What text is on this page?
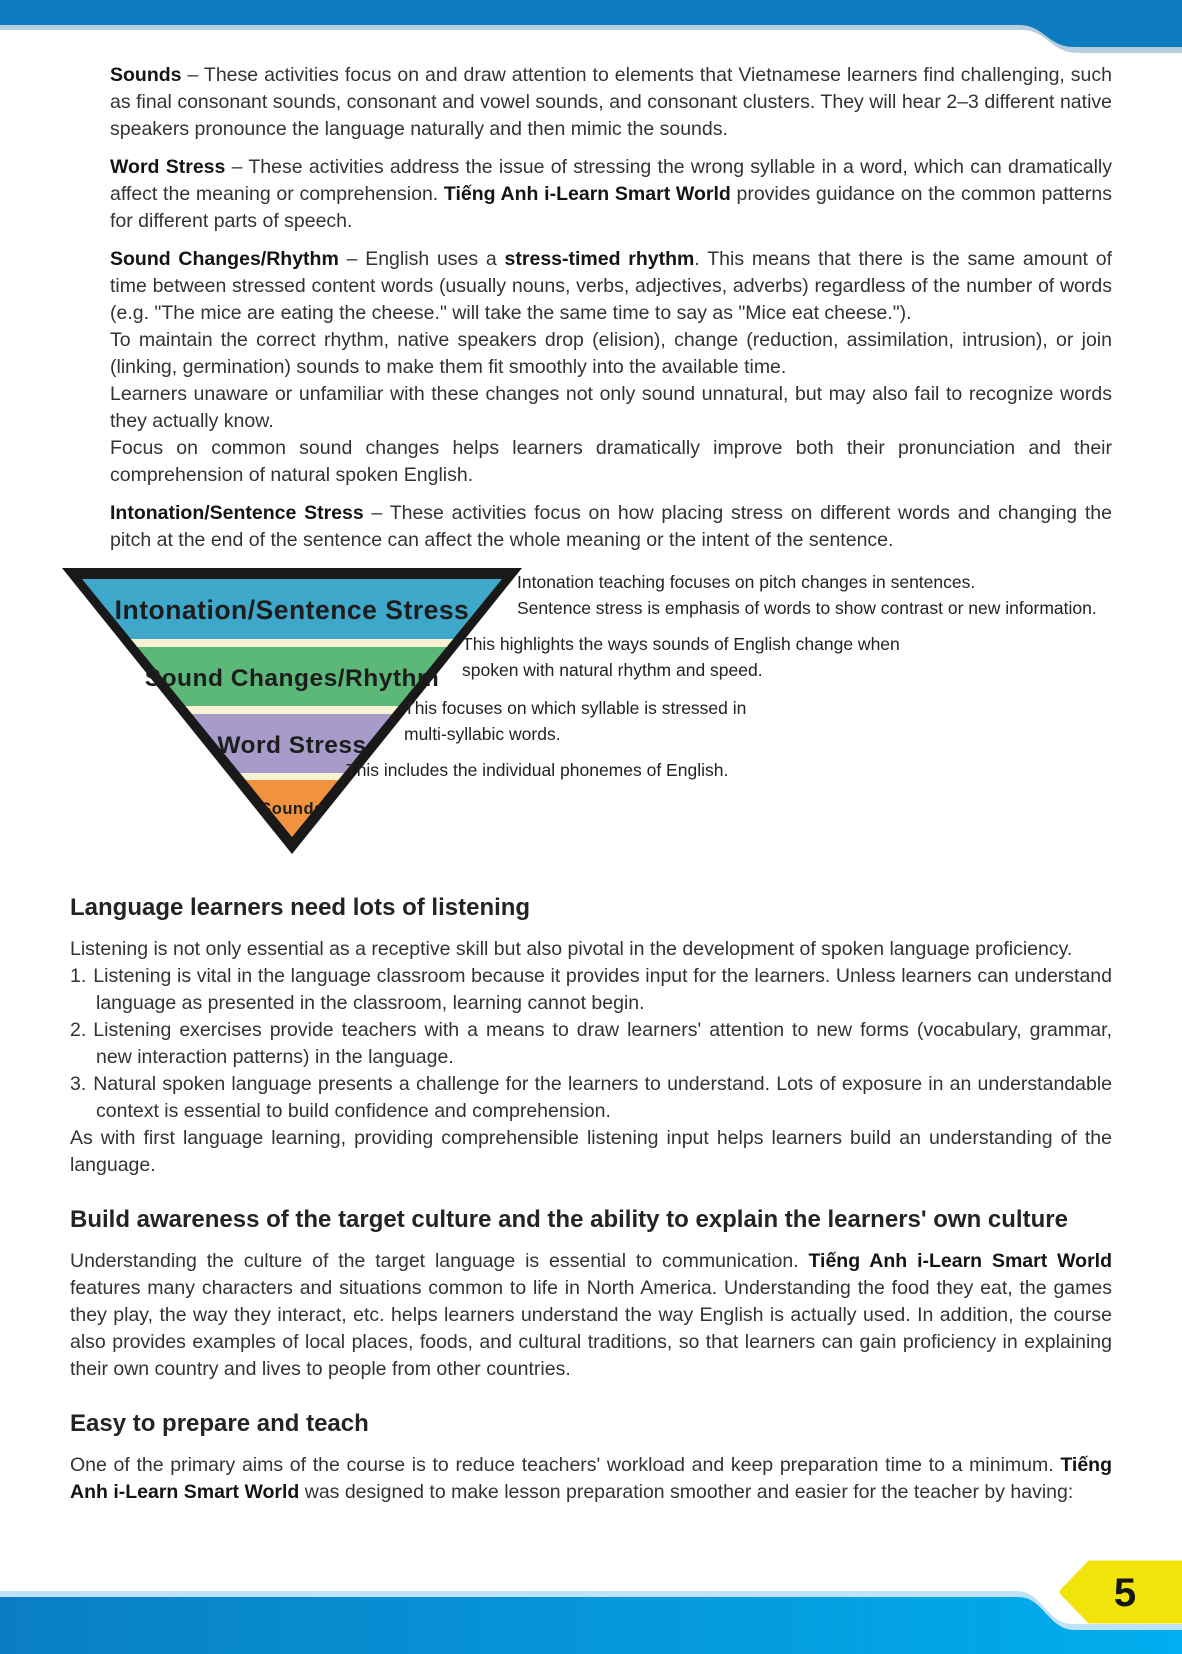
Sounds – These activities focus on and draw attention to elements that Vietnamese learners find challenging, such as final consonant sounds, consonant and vowel sounds, and consonant clusters. They will hear 2–3 different native speakers pronounce the language naturally and then mimic the sounds.

Word Stress – These activities address the issue of stressing the wrong syllable in a word, which can dramatically affect the meaning or comprehension. Tiếng Anh i-Learn Smart World provides guidance on the common patterns for different parts of speech.

Sound Changes/Rhythm – English uses a stress-timed rhythm. This means that there is the same amount of time between stressed content words (usually nouns, verbs, adjectives, adverbs) regardless of the number of words (e.g. "The mice are eating the cheese." will take the same time to say as "Mice eat cheese.").

To maintain the correct rhythm, native speakers drop (elision), change (reduction, assimilation, intrusion), or join (linking, germination) sounds to make them fit smoothly into the available time.

Learners unaware or unfamiliar with these changes not only sound unnatural, but may also fail to recognize words they actually know.

Focus on common sound changes helps learners dramatically improve both their pronunciation and their comprehension of natural spoken English.

Intonation/Sentence Stress – These activities focus on how placing stress on different words and changing the pitch at the end of the sentence can affect the whole meaning or the intent of the sentence.

Intonation/Sentence Stress
Sound Changes/Rhythm
Word Stress
Sounds
Intonation teaching focuses on pitch changes in sentences.
Sentence stress is emphasis of words to show contrast or new information.
This highlights the ways sounds of English change when
spoken with natural rhythm and speed.
This focuses on which syllable is stressed in
multi-syllabic words.
This includes the individual phonemes of English.
Language learners need lots of listening

Listening is not only essential as a receptive skill but also pivotal in the development of spoken language proficiency.

1. Listening is vital in the language classroom because it provides input for the learners. Unless learners can understand language as presented in the classroom, learning cannot begin.

2. Listening exercises provide teachers with a means to draw learners' attention to new forms (vocabulary, grammar, new interaction patterns) in the language.

3. Natural spoken language presents a challenge for the learners to understand. Lots of exposure in an understandable context is essential to build confidence and comprehension.

As with first language learning, providing comprehensible listening input helps learners build an understanding of the language.

Build awareness of the target culture and the ability to explain the learners' own culture

Understanding the culture of the target language is essential to communication. Tiếng Anh i-Learn Smart World features many characters and situations common to life in North America. Understanding the food they eat, the games they play, the way they interact, etc. helps learners understand the way English is actually used. In addition, the course also provides examples of local places, foods, and cultural traditions, so that learners can gain proficiency in explaining their own country and lives to people from other countries.

Easy to prepare and teach

One of the primary aims of the course is to reduce teachers' workload and keep preparation time to a minimum. Tiếng Anh i-Learn Smart World was designed to make lesson preparation smoother and easier for the teacher by having:

5
